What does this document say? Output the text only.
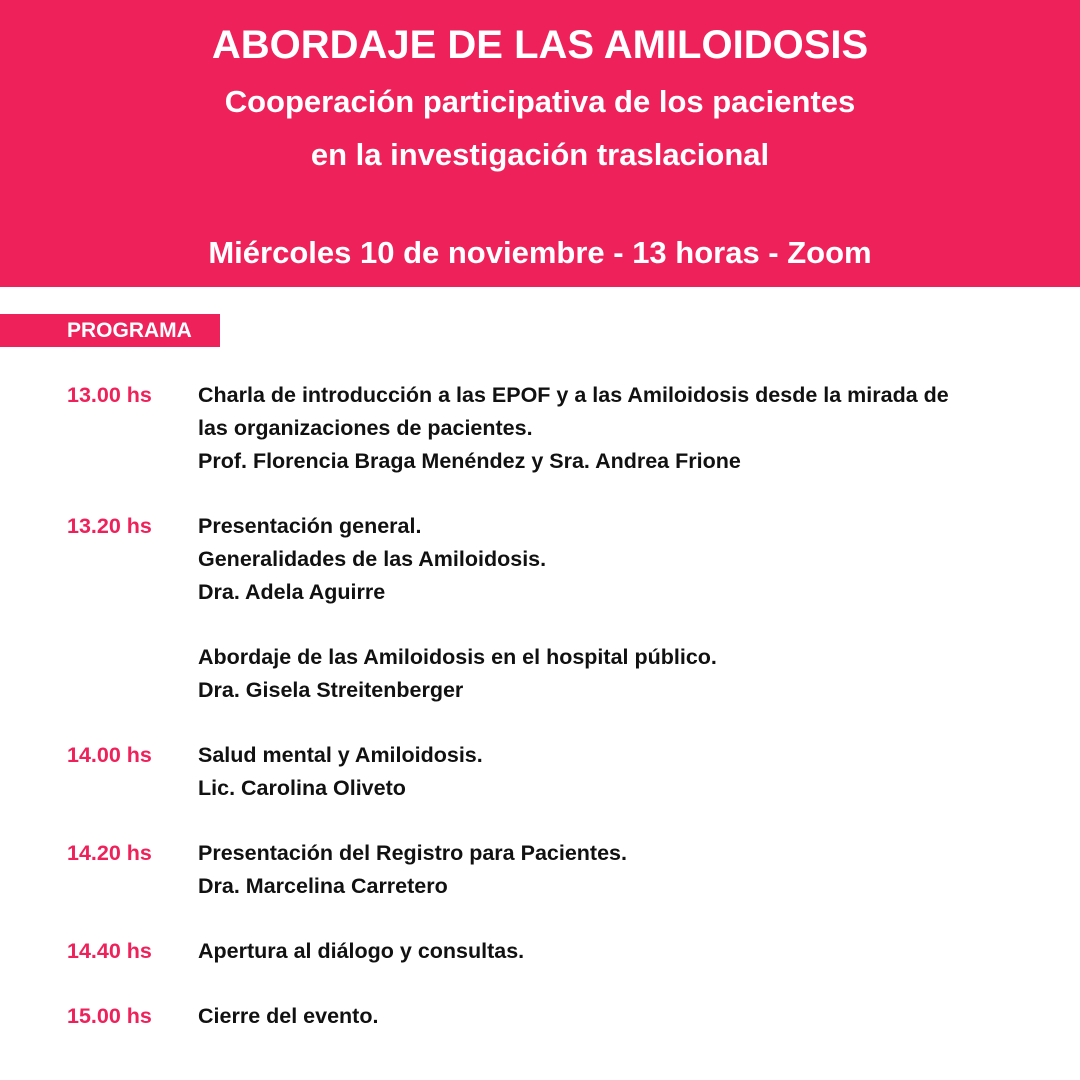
ABORDAJE DE LAS AMILOIDOSIS
Cooperación participativa de los pacientes
en la investigación traslacional
Miércoles 10 de noviembre - 13 horas - Zoom
PROGRAMA
13.00 hs	Charla de introducción a las EPOF y a las Amiloidosis desde la mirada de
las organizaciones de pacientes.
Prof. Florencia Braga Menéndez y Sra. Andrea Frione
13.20 hs	Presentación general.
Generalidades de las Amiloidosis.
Dra. Adela Aguirre
Abordaje de las Amiloidosis en el hospital público.
Dra. Gisela Streitenberger
14.00 hs	Salud mental y Amiloidosis.
Lic. Carolina Oliveto
14.20 hs	Presentación del Registro para Pacientes.
Dra. Marcelina Carretero
14.40 hs	Apertura al diálogo y consultas.
15.00 hs	Cierre del evento.
